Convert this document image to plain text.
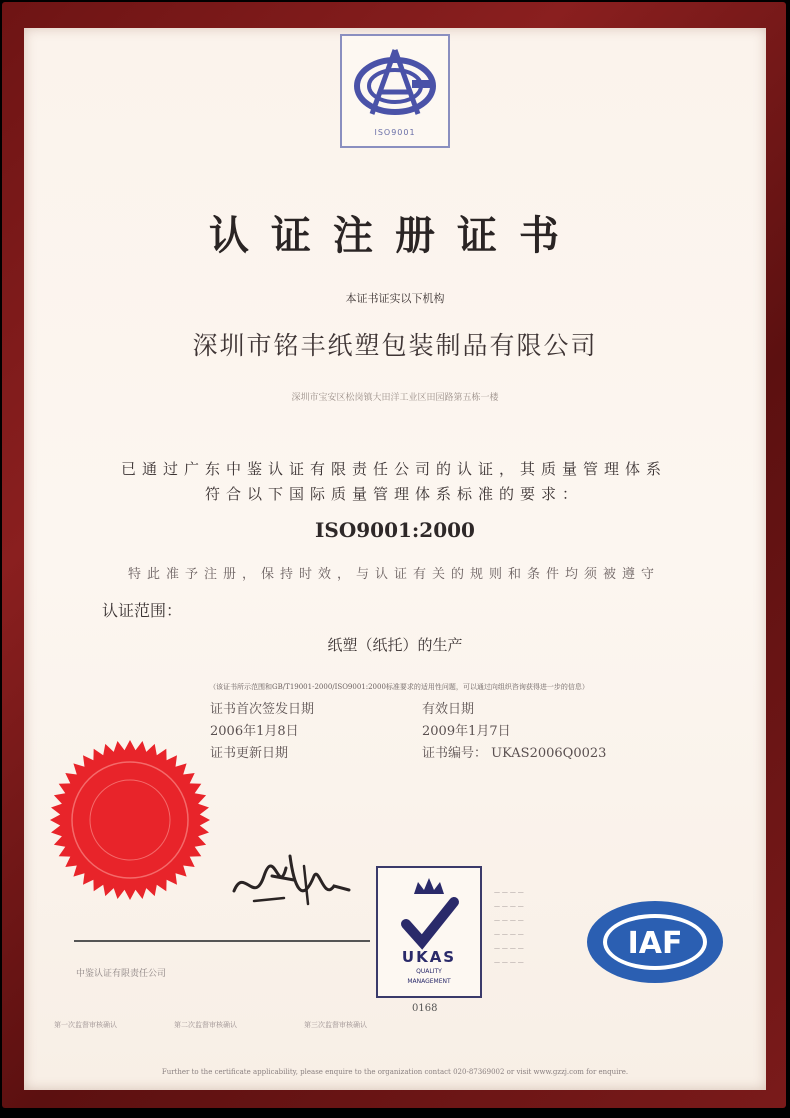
ISO9001
认证注册证书
本证书证实以下机构
深圳市铭丰纸塑包装制品有限公司
深圳市宝安区松岗镇大田洋工业区田园路第五栋一楼
已通过广东中鉴认证有限责任公司的认证，其质量管理体系
符合以下国际质量管理体系标准的要求：
ISO9001:2000
特此准予注册，保持时效，与认证有关的规则和条件均须被遵守
认证范围：
纸塑（纸托）的生产
（该证书所示范围和GB/T19001-2000/ISO9001:2000标准要求的适用性问题，可以通过向组织咨询获得进一步的信息）
证书首次签发日期	有效日期
2006年1月8日	2009年1月7日
证书更新日期	证书编号： UKAS2006Q0023
中鉴认证有限责任公司
UKAS
QUALITY
MANAGEMENT
0168
— — — —
— — — —
— — — —
— — — —
— — — —
— — — —
IAF
第一次监督审核确认	第二次监督审核确认	第三次监督审核确认
Further to the certificate applicability, please enquire to the organization contact 020-87369002 or visit www.gzzj.com for enquire.
